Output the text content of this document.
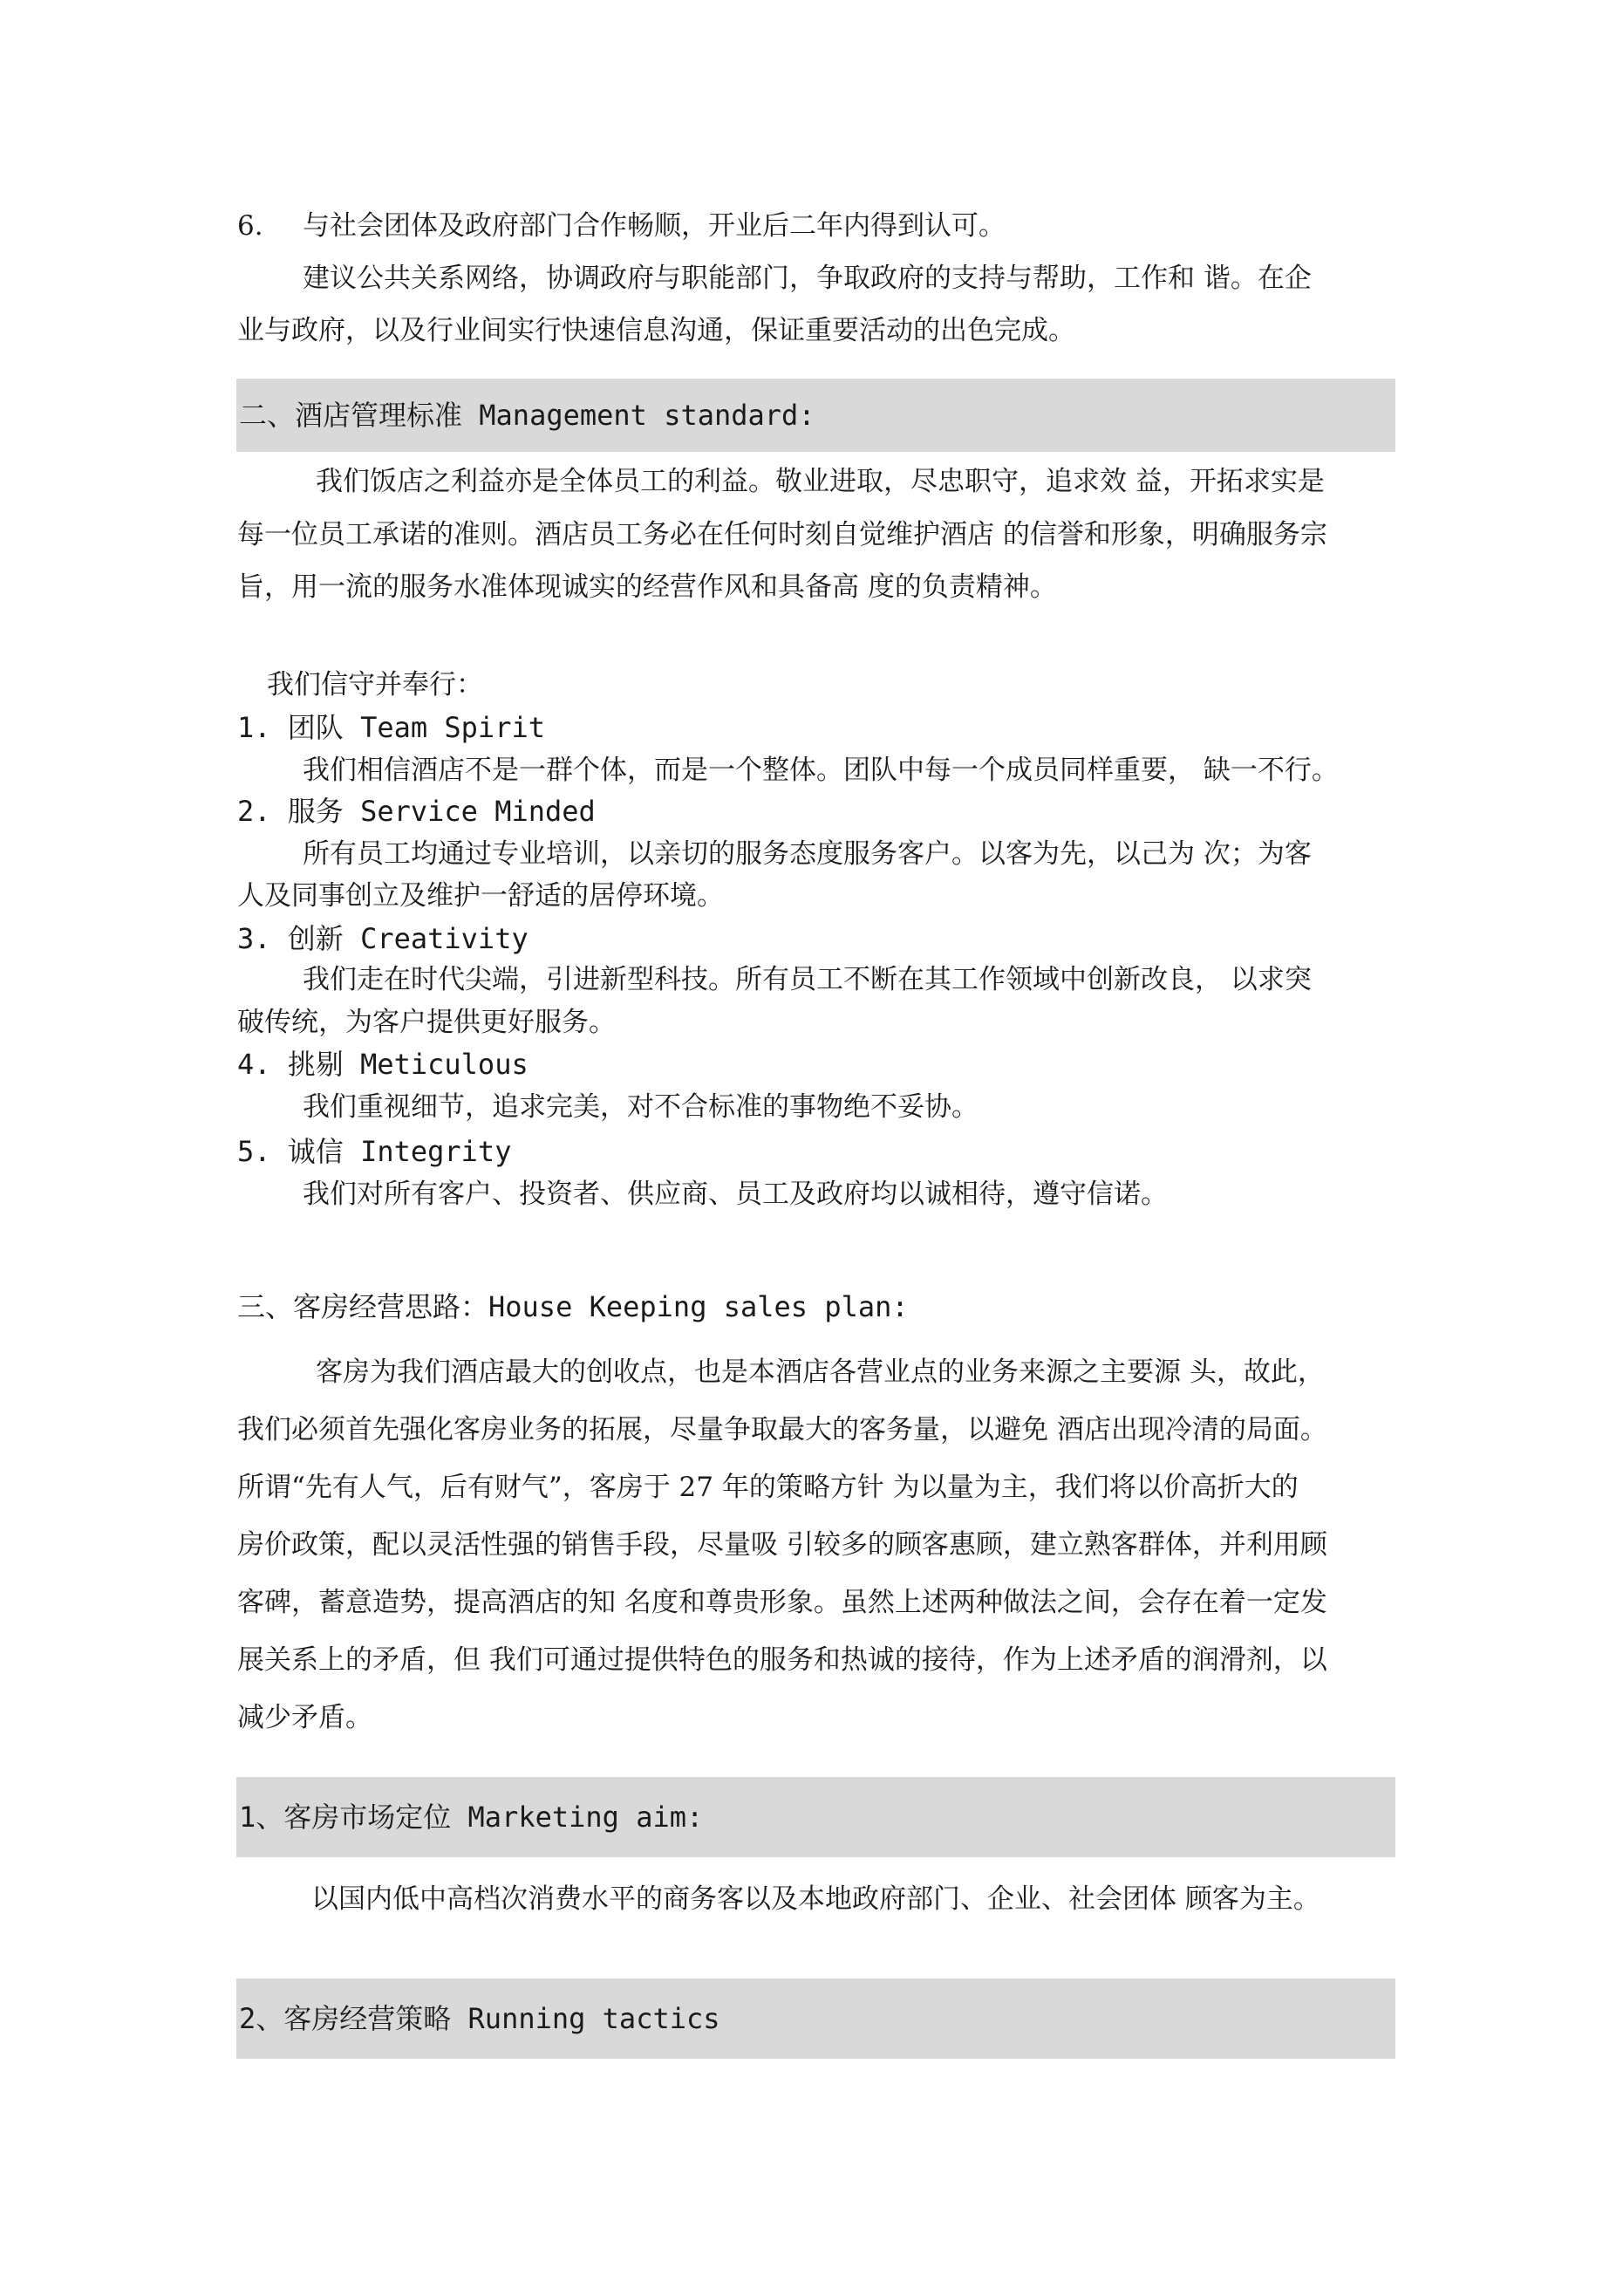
6. 与社会团体及政府部门合作畅顺，开业后二年内得到认可。
建议公共关系网络，协调政府与职能部门，争取政府的支持与帮助，工作和 谐。在企
业与政府，以及行业间实行快速信息沟通，保证重要活动的出色完成。
二、酒店管理标准 Management standard:
我们饭店之利益亦是全体员工的利益。敬业进取，尽忠职守，追求效 益，开拓求实是
每一位员工承诺的准则。酒店员工务必在任何时刻自觉维护酒店 的信誉和形象，明确服务宗
旨，用一流的服务水准体现诚实的经营作风和具备高 度的负责精神。
我们信守并奉行：
1. 团队 Team Spirit
我们相信酒店不是一群个体，而是一个整体。团队中每一个成员同样重要， 缺一不行。
2. 服务 Service Minded
所有员工均通过专业培训，以亲切的服务态度服务客户。以客为先，以己为 次；为客
人及同事创立及维护一舒适的居停环境。
3. 创新 Creativity
我们走在时代尖端，引进新型科技。所有员工不断在其工作领域中创新改良， 以求突
破传统，为客户提供更好服务。
4. 挑剔 Meticulous
我们重视细节，追求完美，对不合标准的事物绝不妥协。
5. 诚信 Integrity
我们对所有客户、投资者、供应商、员工及政府均以诚相待，遵守信诺。
三、客房经营思路：House Keeping sales plan:
客房为我们酒店最大的创收点，也是本酒店各营业点的业务来源之主要源 头，故此，
我们必须首先强化客房业务的拓展，尽量争取最大的客务量，以避免 酒店出现冷清的局面。
所谓“先有人气，后有财气”，客房于 27 年的策略方针 为以量为主，我们将以价高折大的
房价政策，配以灵活性强的销售手段，尽量吸 引较多的顾客惠顾，建立熟客群体，并利用顾
客碑，蓄意造势，提高酒店的知 名度和尊贵形象。虽然上述两种做法之间，会存在着一定发
展关系上的矛盾，但 我们可通过提供特色的服务和热诚的接待，作为上述矛盾的润滑剂，以
减少矛盾。
1、客房市场定位 Marketing aim:
以国内低中高档次消费水平的商务客以及本地政府部门、企业、社会团体 顾客为主。
2、客房经营策略 Running tactics
